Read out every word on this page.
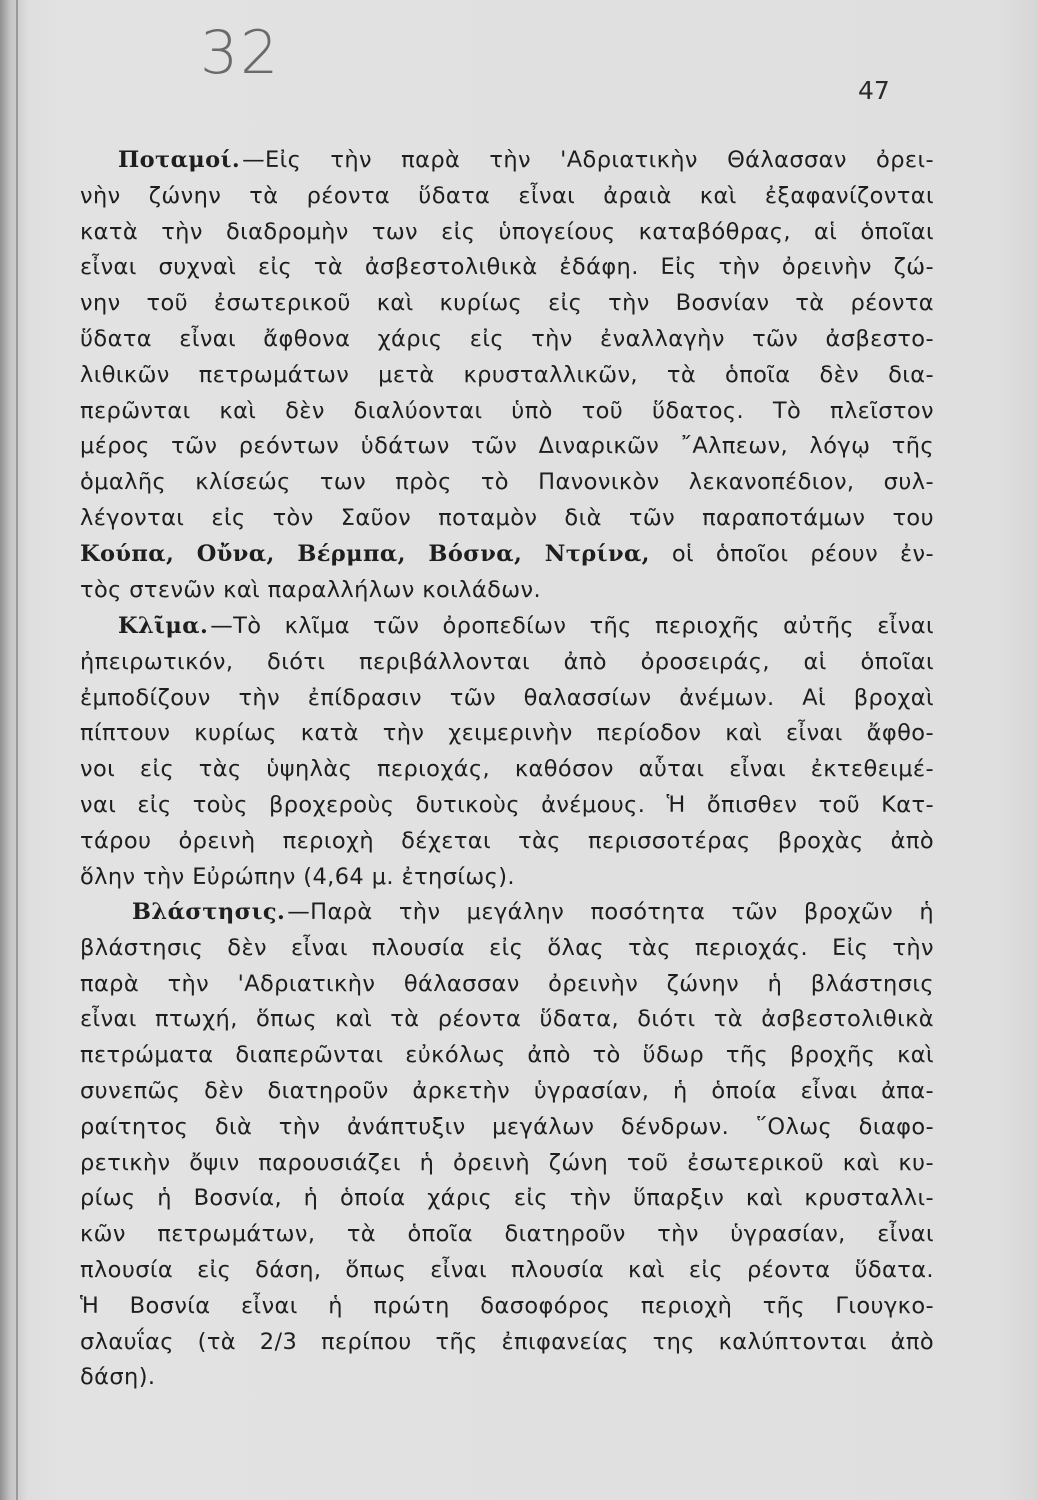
32
47
Ποταμοί.—Εἰς τὴν παρὰ τὴν 'Αδριατικὴν Θάλασσαν ὀρει-
νὴν ζώνην τὰ ρέοντα ὕδατα εἶναι ἀραιὰ καὶ ἐξαφανίζονται
κατὰ τὴν διαδρομὴν των εἰς ὑπογείους καταβόθρας, αἱ ὁποῖαι
εἶναι συχναὶ εἰς τὰ ἀσβεστολιθικὰ ἐδάφη. Εἰς τὴν ὀρεινὴν ζώ-
νην τοῦ ἐσωτερικοῦ καὶ κυρίως εἰς τὴν Βοσνίαν τὰ ρέοντα
ὕδατα εἶναι ἄφθονα χάρις εἰς τὴν ἐναλλαγὴν τῶν ἀσβεστο-
λιθικῶν πετρωμάτων μετὰ κρυσταλλικῶν, τὰ ὁποῖα δὲν δια-
περῶνται καὶ δὲν διαλύονται ὑπὸ τοῦ ὕδατος. Τὸ πλεῖστον
μέρος τῶν ρεόντων ὑδάτων τῶν Διναρικῶν ῎Αλπεων, λόγῳ τῆς
ὁμαλῆς κλίσεώς των πρὸς τὸ Πανονικὸν λεκανοπέδιον, συλ-
λέγονται εἰς τὸν Σαῦον ποταμὸν διὰ τῶν παραποτάμων του
Κούπα, Οὔνα, Βέρμπα, Βόσνα, Ντρίνα, οἱ ὁποῖοι ρέουν ἐν-
τὸς στενῶν καὶ παραλλήλων κοιλάδων.
Κλῖμα.—Τὸ κλῖμα τῶν ὀροπεδίων τῆς περιοχῆς αὐτῆς εἶναι
ἠπειρωτικόν, διότι περιβάλλονται ἀπὸ ὀροσειράς, αἱ ὁποῖαι
ἐμποδίζουν τὴν ἐπίδρασιν τῶν θαλασσίων ἀνέμων. Αἱ βροχαὶ
πίπτουν κυρίως κατὰ τὴν χειμερινὴν περίοδον καὶ εἶναι ἄφθο-
νοι εἰς τὰς ὑψηλὰς περιοχάς, καθόσον αὗται εἶναι ἐκτεθειμέ-
ναι εἰς τοὺς βροχεροὺς δυτικοὺς ἀνέμους. Ἡ ὄπισθεν τοῦ Κατ-
τάρου ὀρεινὴ περιοχὴ δέχεται τὰς περισσοτέρας βροχὰς ἀπὸ
ὅλην τὴν Εὐρώπην (4,64 μ. ἐτησίως).
Βλάστησις.—Παρὰ τὴν μεγάλην ποσότητα τῶν βροχῶν ἡ
βλάστησις δὲν εἶναι πλουσία εἰς ὅλας τὰς περιοχάς. Εἰς τὴν
παρὰ τὴν 'Αδριατικὴν θάλασσαν ὀρεινὴν ζώνην ἡ βλάστησις
εἶναι πτωχή, ὅπως καὶ τὰ ρέοντα ὕδατα, διότι τὰ ἀσβεστολιθικὰ
πετρώματα διαπερῶνται εὐκόλως ἀπὸ τὸ ὕδωρ τῆς βροχῆς καὶ
συνεπῶς δὲν διατηροῦν ἀρκετὴν ὑγρασίαν, ἡ ὁποία εἶναι ἀπα-
ραίτητος διὰ τὴν ἀνάπτυξιν μεγάλων δένδρων. ῞Ολως διαφο-
ρετικὴν ὄψιν παρουσιάζει ἡ ὀρεινὴ ζώνη τοῦ ἐσωτερικοῦ καὶ κυ-
ρίως ἡ Βοσνία, ἡ ὁποία χάρις εἰς τὴν ὕπαρξιν καὶ κρυσταλλι-
κῶν πετρωμάτων, τὰ ὁποῖα διατηροῦν τὴν ὑγρασίαν, εἶναι
πλουσία εἰς δάση, ὅπως εἶναι πλουσία καὶ εἰς ρέοντα ὕδατα.
Ἡ Βοσνία εἶναι ἡ πρώτη δασοφόρος περιοχὴ τῆς Γιουγκο-
σλαυΐας (τὰ 2/3 περίπου τῆς ἐπιφανείας της καλύπτονται ἀπὸ
δάση).
